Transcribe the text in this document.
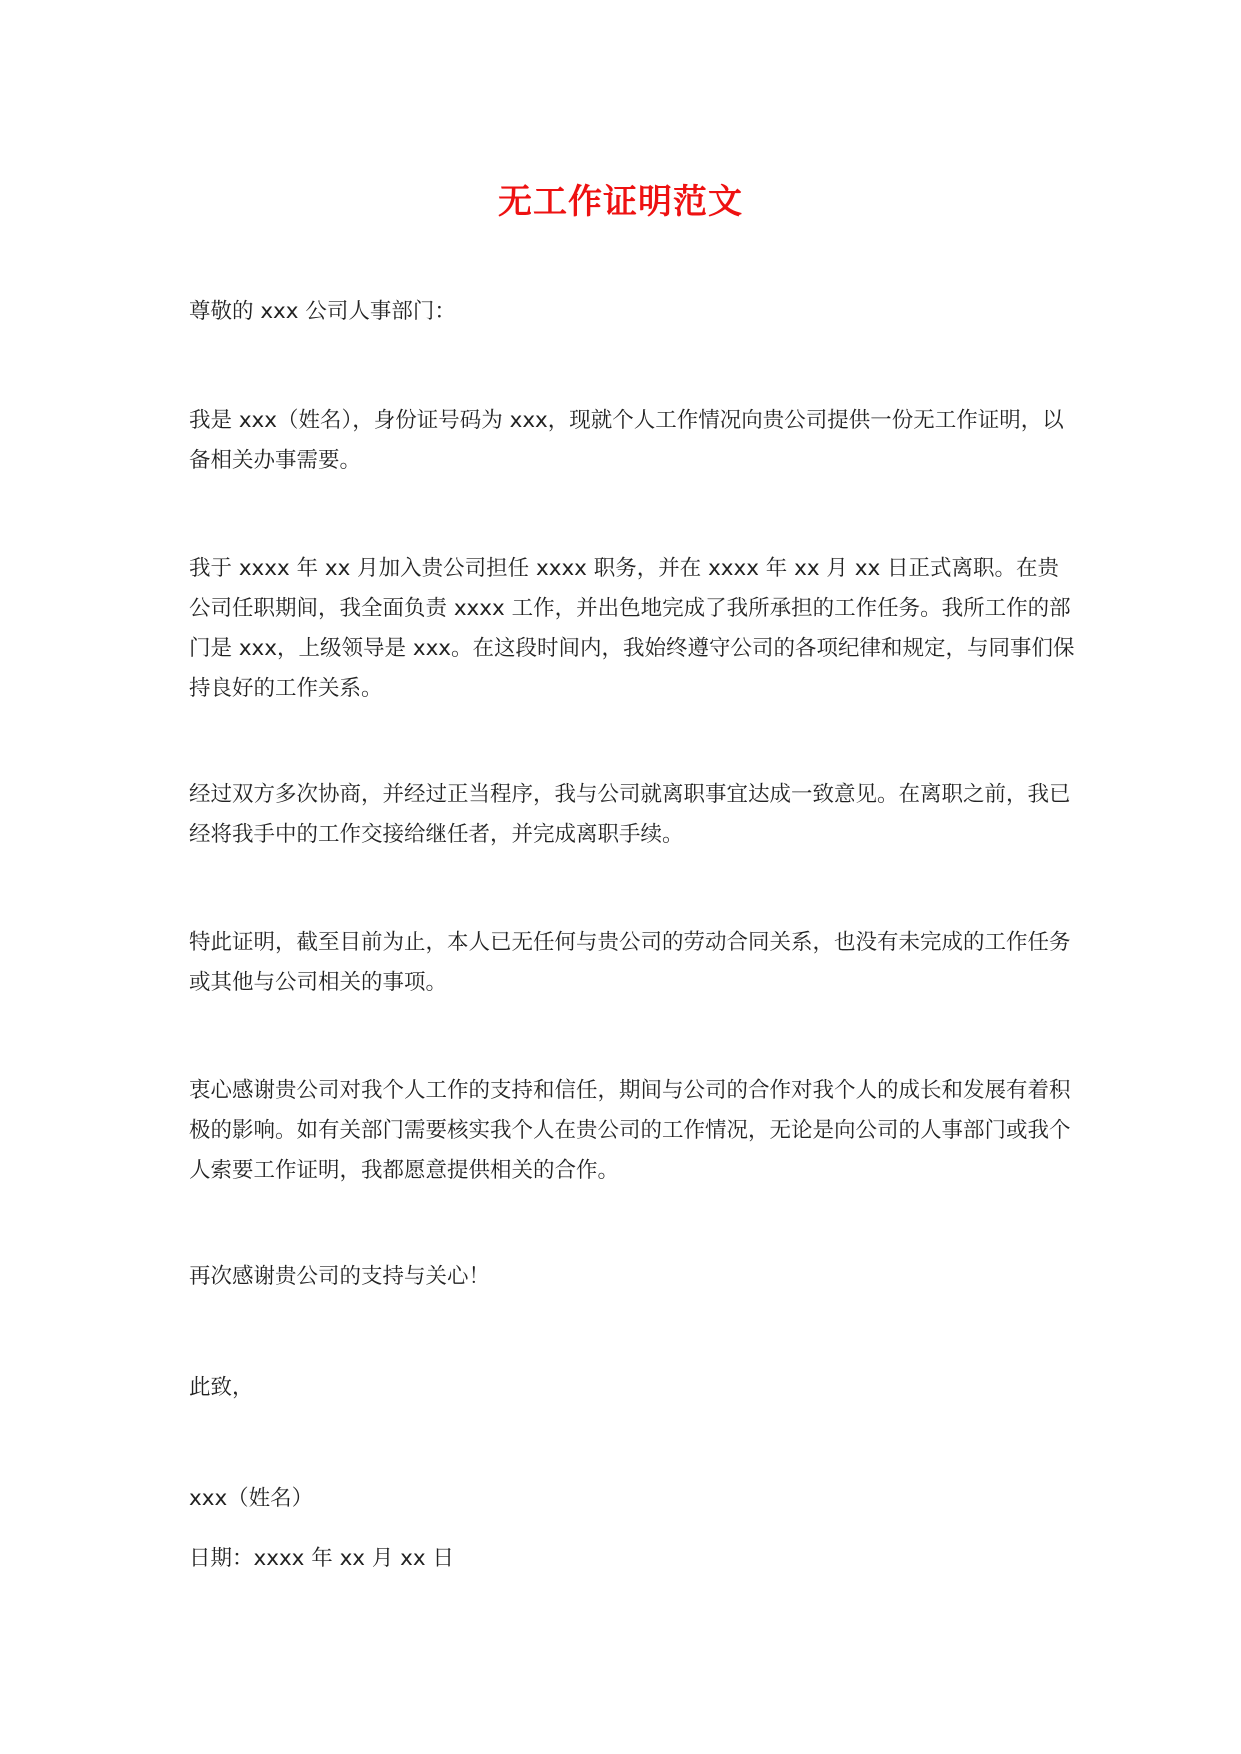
无工作证明范文

尊敬的 xxx 公司人事部门：

我是 xxx（姓名），身份证号码为 xxx，现就个人工作情况向贵公司提供一份无工作证明，以备相关办事需要。

我于 xxxx 年 xx 月加入贵公司担任 xxxx 职务，并在 xxxx 年 xx 月 xx 日正式离职。在贵公司任职期间，我全面负责 xxxx 工作，并出色地完成了我所承担的工作任务。我所工作的部门是 xxx，上级领导是 xxx。在这段时间内，我始终遵守公司的各项纪律和规定，与同事们保持良好的工作关系。

经过双方多次协商，并经过正当程序，我与公司就离职事宜达成一致意见。在离职之前，我已经将我手中的工作交接给继任者，并完成离职手续。

特此证明，截至目前为止，本人已无任何与贵公司的劳动合同关系，也没有未完成的工作任务或其他与公司相关的事项。

衷心感谢贵公司对我个人工作的支持和信任，期间与公司的合作对我个人的成长和发展有着积极的影响。如有关部门需要核实我个人在贵公司的工作情况，无论是向公司的人事部门或我个人索要工作证明，我都愿意提供相关的合作。

再次感谢贵公司的支持与关心！

此致，

xxx（姓名）

日期：xxxx 年 xx 月 xx 日
